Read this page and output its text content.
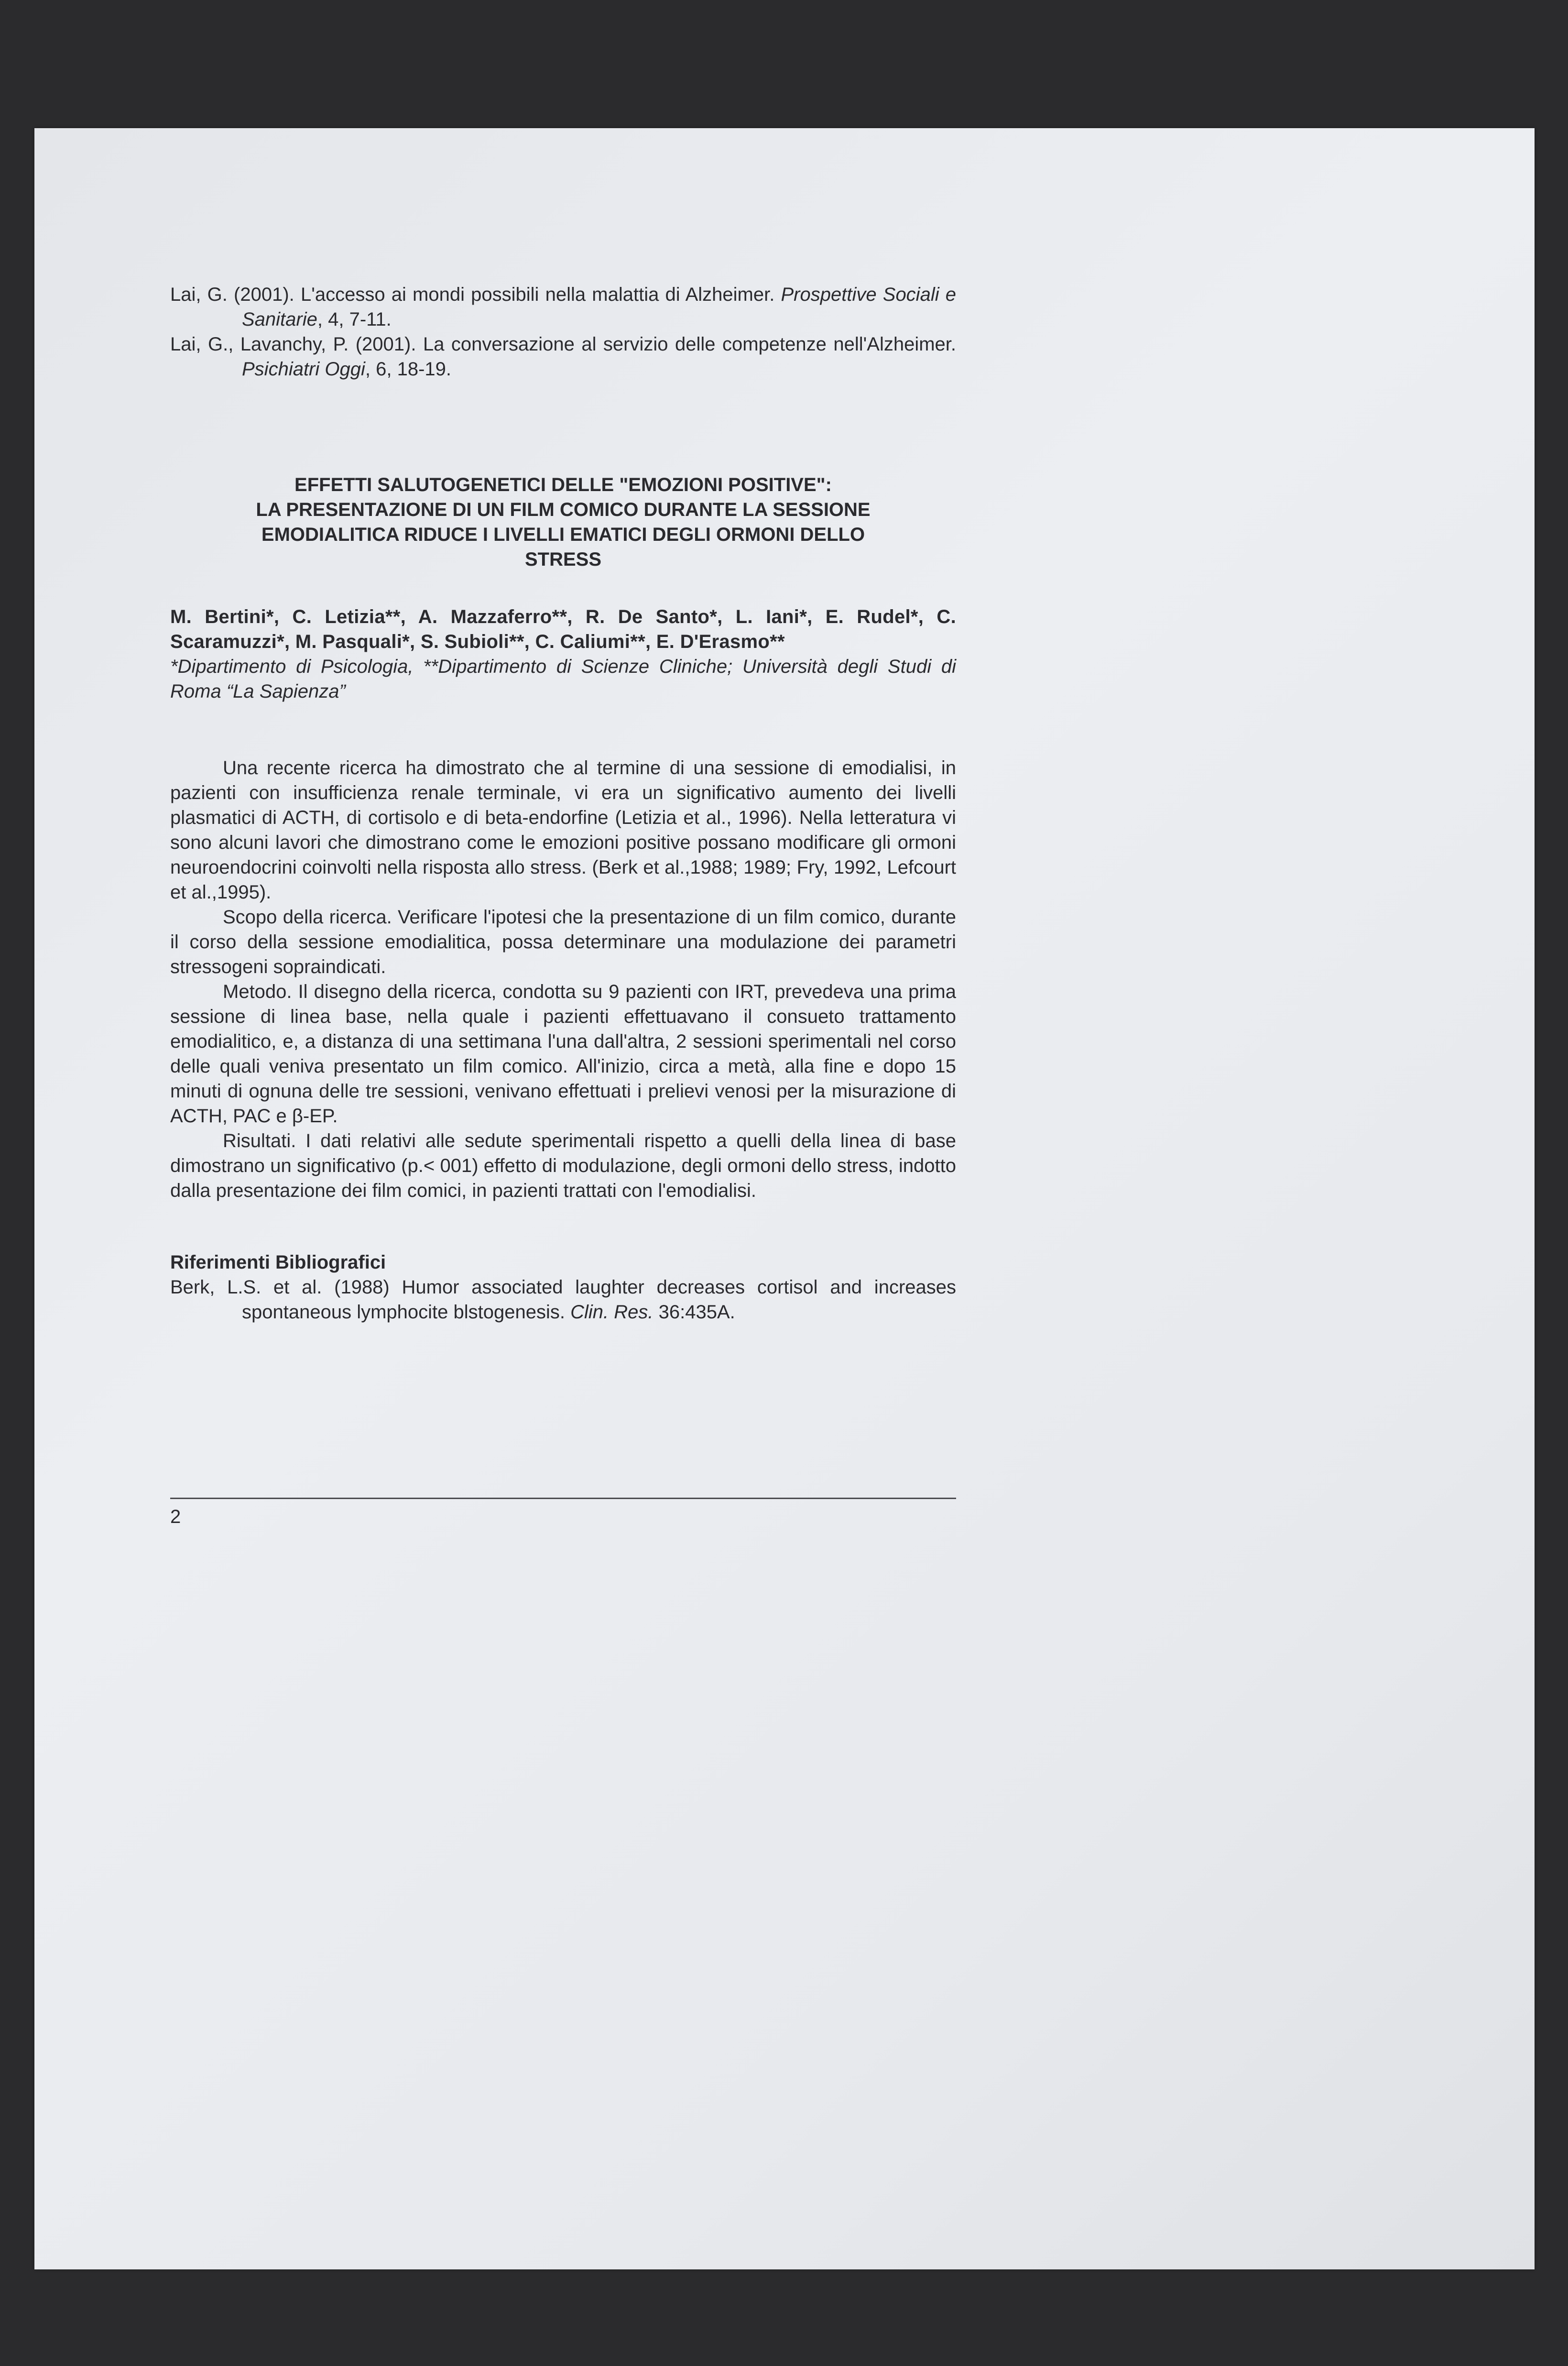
Lai, G. (2001). L'accesso ai mondi possibili nella malattia di Alzheimer. Prospettive Sociali e Sanitarie, 4, 7-11.

Lai, G., Lavanchy, P. (2001). La conversazione al servizio delle competenze nell'Alzheimer. Psichiatri Oggi, 6, 18-19.

EFFETTI SALUTOGENETICI DELLE "EMOZIONI POSITIVE":
LA PRESENTAZIONE DI UN FILM COMICO DURANTE LA SESSIONE
EMODIALITICA RIDUCE I LIVELLI EMATICI DEGLI ORMONI DELLO
STRESS
M. Bertini*, C. Letizia**, A. Mazzaferro**, R. De Santo*, L. Iani*, E. Rudel*, C. Scaramuzzi*, M. Pasquali*, S. Subioli**, C. Caliumi**, E. D'Erasmo**
*Dipartimento di Psicologia, **Dipartimento di Scienze Cliniche; Università degli Studi di Roma “La Sapienza”

Una recente ricerca ha dimostrato che al termine di una sessione di emodialisi, in pazienti con insufficienza renale terminale, vi era un significativo aumento dei livelli plasmatici di ACTH, di cortisolo e di beta-endorfine (Letizia et al., 1996). Nella letteratura vi sono alcuni lavori che dimostrano come le emozioni positive possano modificare gli ormoni neuroendocrini coinvolti nella risposta allo stress. (Berk et al.,1988; 1989; Fry, 1992, Lefcourt et al.,1995).

Scopo della ricerca. Verificare l'ipotesi che la presentazione di un film comico, durante il corso della sessione emodialitica, possa determinare una modulazione dei parametri stressogeni sopraindicati.

Metodo. Il disegno della ricerca, condotta su 9 pazienti con IRT, prevedeva una prima sessione di linea base, nella quale i pazienti effettuavano il consueto trattamento emodialitico, e, a distanza di una settimana l'una dall'altra, 2 sessioni sperimentali nel corso delle quali veniva presentato un film comico. All'inizio, circa a metà, alla fine e dopo 15 minuti di ognuna delle tre sessioni, venivano effettuati i prelievi venosi per la misurazione di ACTH, PAC e β-EP.

Risultati. I dati relativi alle sedute sperimentali rispetto a quelli della linea di base dimostrano un significativo (p.< 001) effetto di modulazione, degli ormoni dello stress, indotto dalla presentazione dei film comici, in pazienti trattati con l'emodialisi.

Riferimenti Bibliografici

Berk, L.S. et al. (1988) Humor associated laughter decreases cortisol and increases spontaneous lymphocite blstogenesis. Clin. Res. 36:435A.

2
